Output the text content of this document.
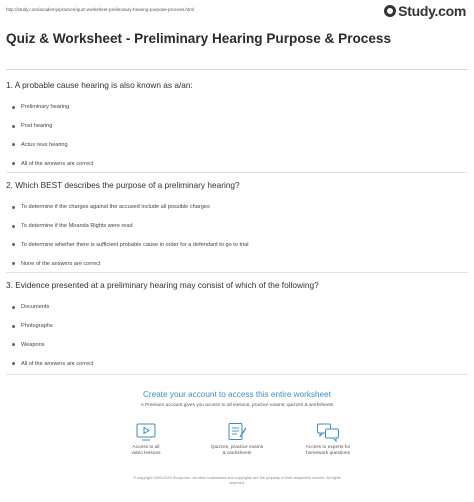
http://study.com/academy/practice/quiz-worksheet-preliminary-hearing-purpose-process.html	Study.com
Quiz & Worksheet - Preliminary Hearing Purpose & Process
1. A probable cause hearing is also known as a/an:
Preliminary hearing
Post hearing
Actus reus hearing
All of the answers are correct
2. Which BEST describes the purpose of a preliminary hearing?
To determine if the charges against the accused include all possible charges
To determine if the Miranda Rights were read
To determine whether there is sufficient probable cause in order for a defendant to go to trial
None of the answers are correct
3. Evidence presented at a preliminary hearing may consist of which of the following?
Documents
Photographs
Weapons
All of the answers are correct
Create your account to access this entire worksheet
A Premium account gives you access to all lessons, practice exams, quizzes & worksheets
Access to all
video lessons
Quizzes, practice exams
& worksheets
Access to experts for
homework questions
© copyright 2003-2020 Study.com. All other trademarks and copyrights are the property of their respective owners. All rights
reserved.
